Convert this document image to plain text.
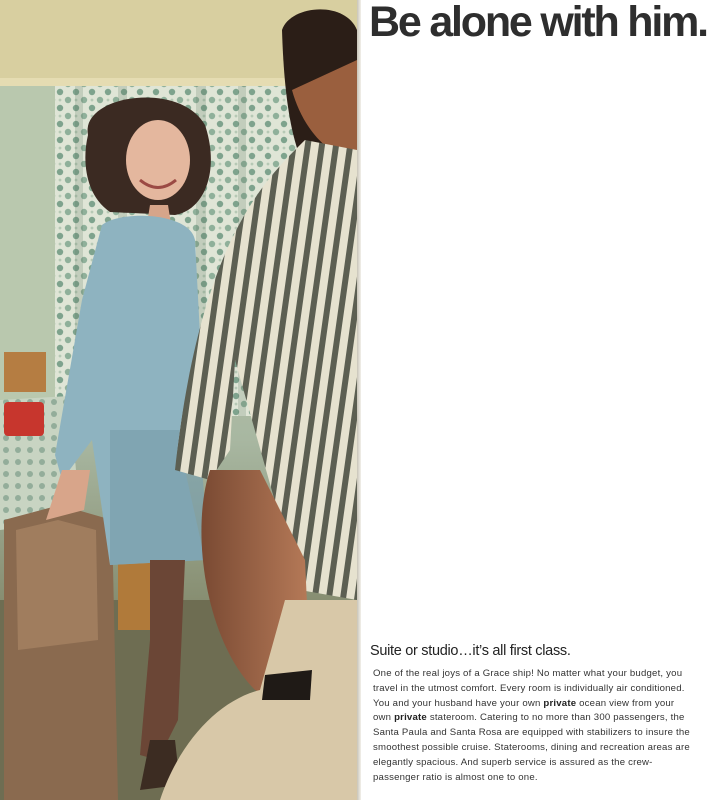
Be alone with him.
Suite or studio…it’s all first class.

One of the real joys of a Grace ship! No matter what your budget, you travel in the utmost comfort. Every room is individually air conditioned. You and your husband have your own private ocean view from your own private stateroom. Catering to no more than 300 passengers, the Santa Paula and Santa Rosa are equipped with stabilizers to insure the smoothest possible cruise. Staterooms, dining and recreation areas are elegantly spacious. And superb service is assured as the crew-passenger ratio is almost one to one.
